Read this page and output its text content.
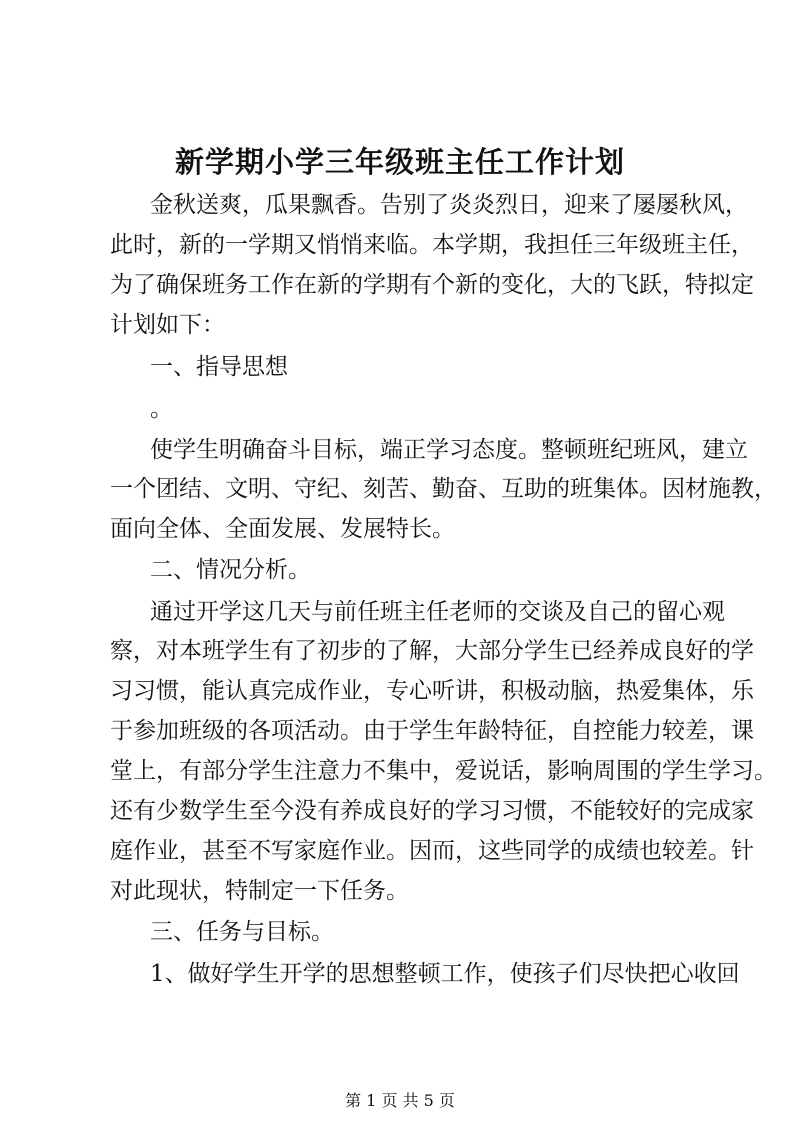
新学期小学三年级班主任工作计划

金秋送爽，瓜果飘香。告别了炎炎烈日，迎来了屡屡秋风，

此时，新的一学期又悄悄来临。本学期，我担任三年级班主任，

为了确保班务工作在新的学期有个新的变化，大的飞跃，特拟定

计划如下：

一、指导思想

。

使学生明确奋斗目标，端正学习态度。整顿班纪班风，建立

一个团结、文明、守纪、刻苦、勤奋、互助的班集体。因材施教，

面向全体、全面发展、发展特长。

二、情况分析。

通过开学这几天与前任班主任老师的交谈及自己的留心观

察，对本班学生有了初步的了解，大部分学生已经养成良好的学

习习惯，能认真完成作业，专心听讲，积极动脑，热爱集体，乐

于参加班级的各项活动。由于学生年龄特征，自控能力较差，课

堂上，有部分学生注意力不集中，爱说话，影响周围的学生学习。

还有少数学生至今没有养成良好的学习习惯，不能较好的完成家

庭作业，甚至不写家庭作业。因而，这些同学的成绩也较差。针

对此现状，特制定一下任务。

三、任务与目标。

1、做好学生开学的思想整顿工作，使孩子们尽快把心收回

第 1 页 共 5 页
